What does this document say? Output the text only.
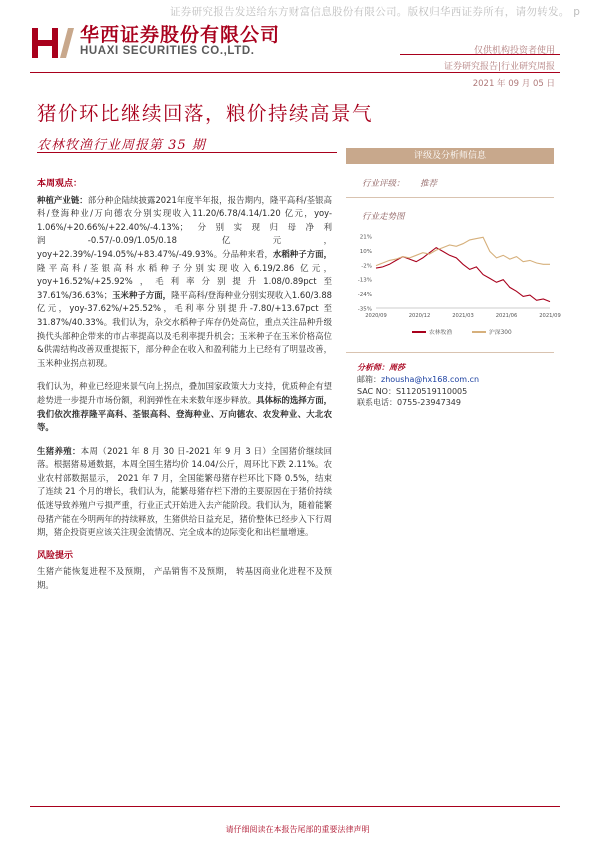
证券研究报告发送给东方财富信息股份有限公司。版权归华西证券所有，请勿转发。 p
华西证券股份有限公司
HUAXI SECURITIES CO.,LTD.	仅供机构投资者使用
证券研究报告|行业研究周报
2021 年 09 月 05 日
猪价环比继续回落，粮价持续高景气
农林牧渔行业周报第 35 期
本周观点：

种植产业链：部分种企陆续披露2021年度半年报，报告期内，隆平高科/荃银高科/登海种业/万向德农分别实现收入11.20/6.78/4.14/1.20 亿元，yoy-1.06%/+20.66%/+22.40%/-4.13%；分别实现归母净利润-0.57/-0.09/1.05/0.18 亿元，yoy+22.39%/-194.05%/+83.47%/-49.93%。分品种来看，水稻种子方面，隆平高科/荃银高科水稻种子分别实现收入6.19/2.86 亿元，yoy+16.52%/+25.92%，毛利率分别提升1.08/0.89pct至37.61%/36.63%；玉米种子方面，隆平高科/登海种业分别实现收入1.60/3.88 亿元，yoy-37.62%/+25.52%，毛利率分别提升-7.80/+13.67pct 至 31.87%/40.33%。我们认为，杂交水稻种子库存仍处高位，重点关注品种升级换代头部种企带来的市占率提高以及毛利率提升机会；玉米种子在玉米价格高位&供需结构改善双重提振下，部分种企在收入和盈利能力上已经有了明显改善，玉米种业拐点初现。

我们认为，种业已经迎来景气向上拐点，叠加国家政策大力支持，优质种企有望趁势进一步提升市场份额，利润弹性在未来数年逐步释放。具体标的选择方面，我们依次推荐隆平高科、荃银高科、登海种业、万向德农、农发种业、大北农等。

生猪养殖：本周（2021 年 8 月 30 日-2021 年 9 月 3 日）全国猪价继续回落。根据猪易通数据，本周全国生猪均价 14.04/公斤，周环比下跌 2.11%。农业农村部数据显示， 2021 年 7 月，全国能繁母猪存栏环比下降 0.5%，结束了连续 21 个月的增长，我们认为，能繁母猪存栏下滑的主要原因在于猪价持续低迷导致养殖户亏损严重，行业正式开始进入去产能阶段。我们认为，随着能繁母猪产能在今明两年的持续释放，生猪供给日益充足，猪价整体已经步入下行周期，猪企投资更应该关注现金流情况、完全成本的边际变化和出栏量增速。

风险提示

生猪产能恢复进程不及预期， 产品销售不及预期， 转基因商业化进程不及预期。

评级及分析师信息
行业评级： 推荐
行业走势图
21%
10%
-2%
-13%
-24%
-35%
2020/09	2020/12	2021/03	2021/06	2021/09
农林牧渔	沪深300
分析师：周莎
邮箱：zhousha@hx168.com.cn
SAC NO：S1120519110005
联系电话：0755-23947349
请仔细阅读在本报告尾部的重要法律声明
